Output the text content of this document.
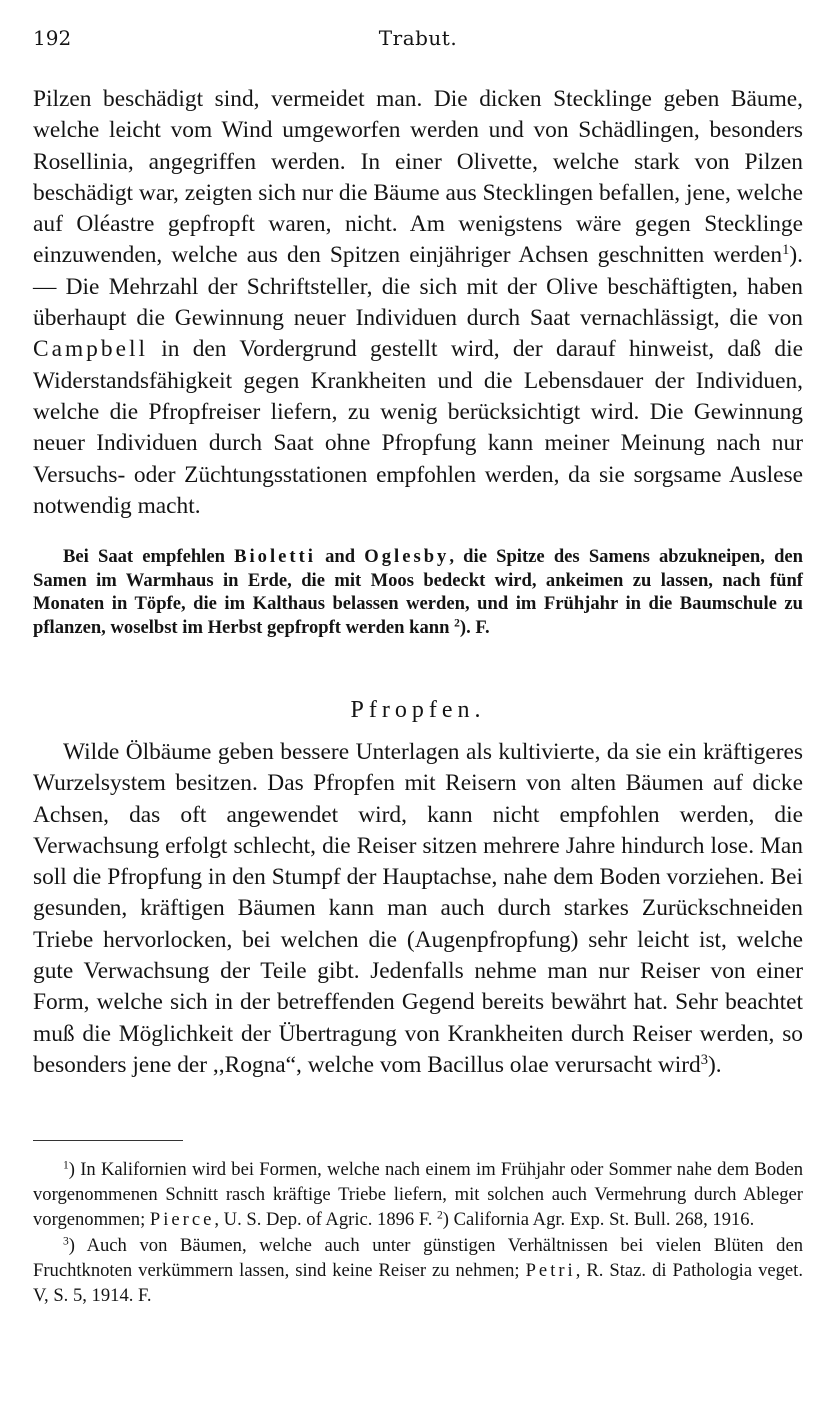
192	Trabut.

Pilzen beschädigt sind, vermeidet man. Die dicken Stecklinge geben Bäume, welche leicht vom Wind umgeworfen werden und von Schädlingen, besonders Rosellinia, angegriffen werden. In einer Olivette, welche stark von Pilzen beschädigt war, zeigten sich nur die Bäume aus Stecklingen befallen, jene, welche auf Oléastre gepfropft waren, nicht. Am wenigstens wäre gegen Stecklinge einzuwenden, welche aus den Spitzen einjähriger Achsen geschnitten werden$^1$). — Die Mehrzahl der Schriftsteller, die sich mit der Olive beschäftigten, haben überhaupt die Gewinnung neuer Individuen durch Saat vernachlässigt, die von Campbell in den Vordergrund gestellt wird, der darauf hinweist, daß die Widerstandsfähigkeit gegen Krankheiten und die Lebensdauer der Individuen, welche die Pfropfreiser liefern, zu wenig berücksichtigt wird. Die Gewinnung neuer Individuen durch Saat ohne Pfropfung kann meiner Meinung nach nur Versuchs- oder Züchtungsstationen empfohlen werden, da sie sorgsame Auslese notwendig macht.

Bei Saat empfehlen Bioletti and Oglesby, die Spitze des Samens abzukneipen, den Samen im Warmhaus in Erde, die mit Moos bedeckt wird, ankeimen zu lassen, nach fünf Monaten in Töpfe, die im Kalthaus belassen werden, und im Frühjahr in die Baumschule zu pflanzen, woselbst im Herbst gepfropft werden kann $^2$). F.

Pfropfen.

Wilde Ölbäume geben bessere Unterlagen als kultivierte, da sie ein kräftigeres Wurzelsystem besitzen. Das Pfropfen mit Reisern von alten Bäumen auf dicke Achsen, das oft angewendet wird, kann nicht empfohlen werden, die Verwachsung erfolgt schlecht, die Reiser sitzen mehrere Jahre hindurch lose. Man soll die Pfropfung in den Stumpf der Hauptachse, nahe dem Boden vorziehen. Bei gesunden, kräftigen Bäumen kann man auch durch starkes Zurückschneiden Triebe hervorlocken, bei welchen die (Augenpfropfung) sehr leicht ist, welche gute Verwachsung der Teile gibt. Jedenfalls nehme man nur Reiser von einer Form, welche sich in der betreffenden Gegend bereits bewährt hat. Sehr beachtet muß die Möglichkeit der Übertragung von Krankheiten durch Reiser werden, so besonders jene der ,,Rogna“, welche vom Bacillus olae verursacht wird$^3$).

$^1$) In Kalifornien wird bei Formen, welche nach einem im Frühjahr oder Sommer nahe dem Boden vorgenommenen Schnitt rasch kräftige Triebe liefern, mit solchen auch Vermehrung durch Ableger vorgenommen; Pierce, U. S. Dep. of Agric. 1896 F. $^2$) California Agr. Exp. St. Bull. 268, 1916.

$^3$) Auch von Bäumen, welche auch unter günstigen Verhältnissen bei vielen Blüten den Fruchtknoten verkümmern lassen, sind keine Reiser zu nehmen; Petri, R. Staz. di Pathologia veget. V, S. 5, 1914. F.
